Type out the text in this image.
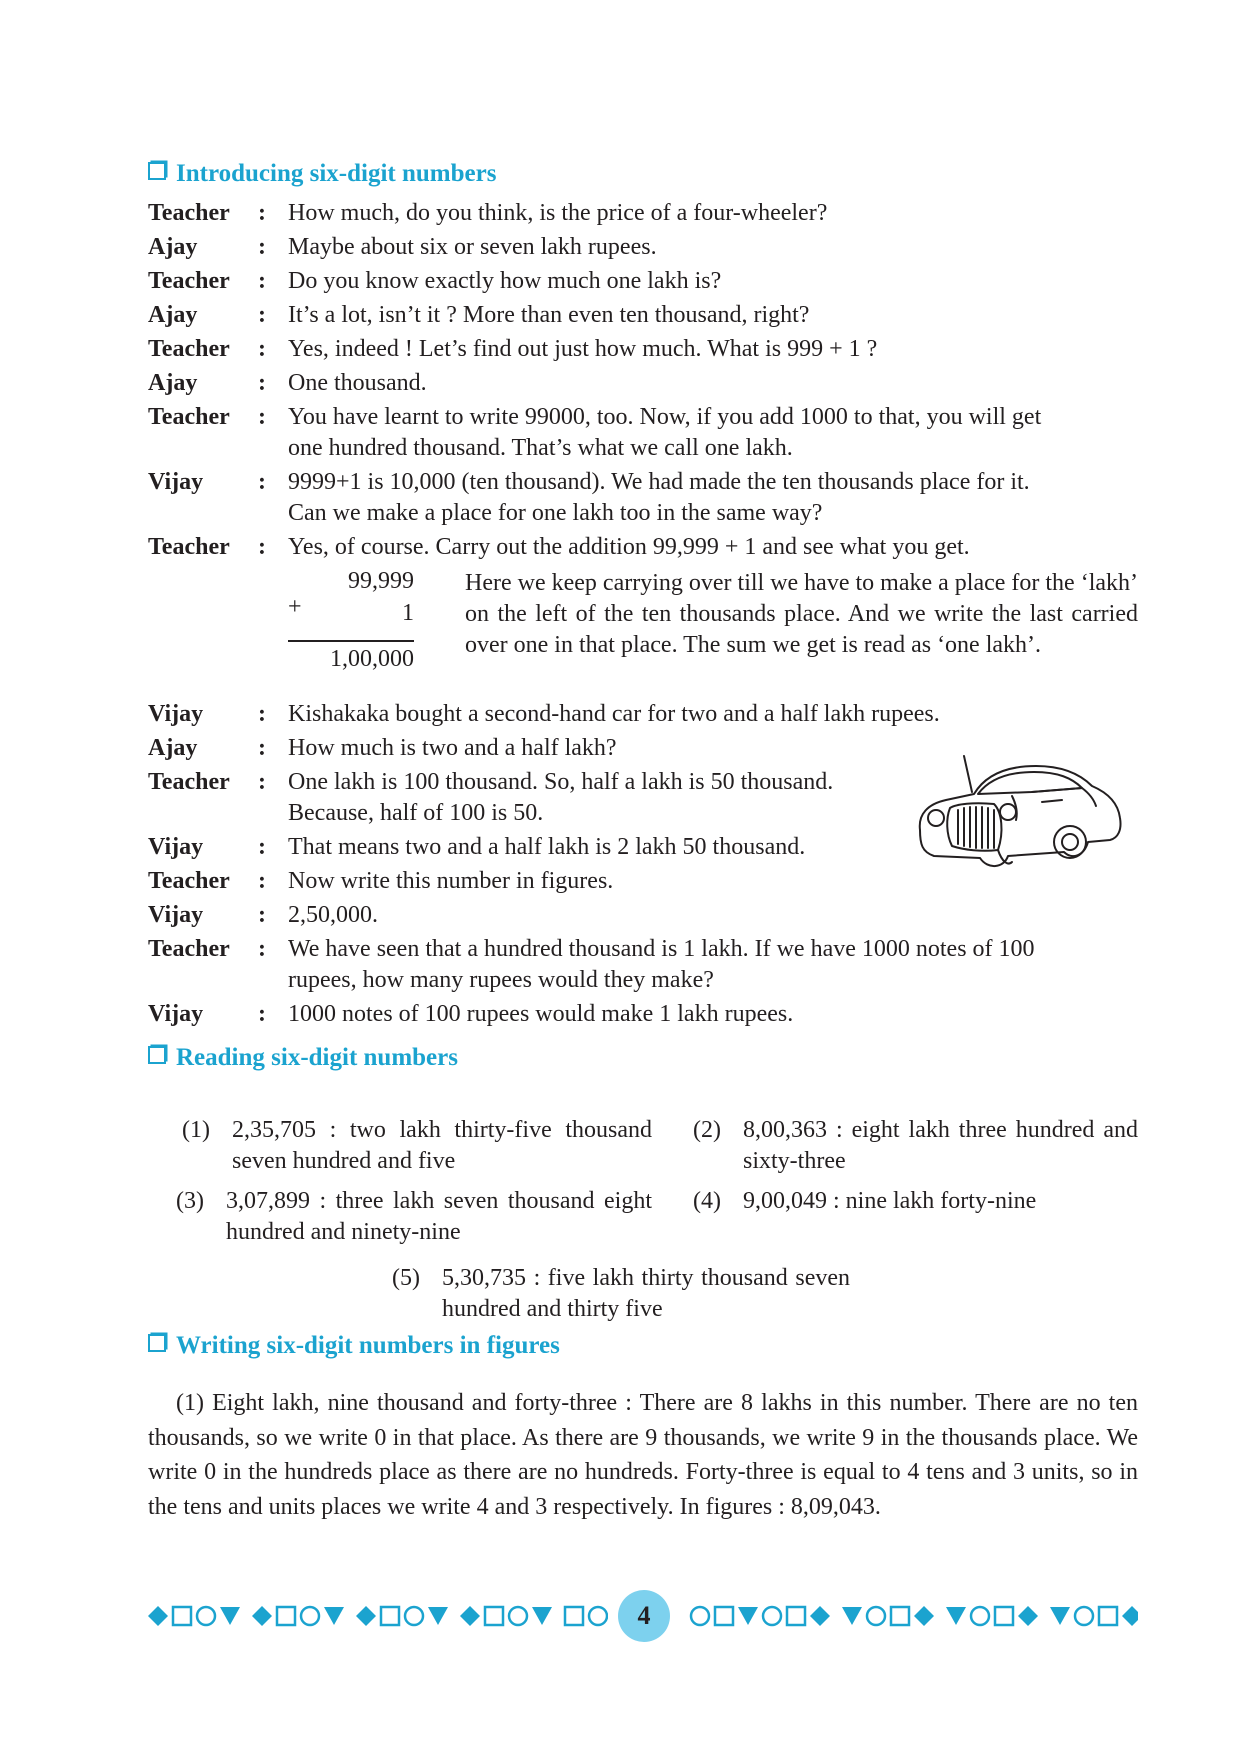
Introducing six-digit numbers
Teacher : How much, do you think, is the price of a four-wheeler?
Ajay	: Maybe about six or seven lakh rupees.
Teacher : Do you know exactly how much one lakh is?
Ajay	: It’s a lot, isn’t it ? More than even ten thousand, right?
Teacher : Yes, indeed ! Let’s find out just how much. What is 999 + 1 ?
Ajay	: One thousand.
Teacher : You have learnt to write 99000, too. Now, if you add 1000 to that, you will get
one hundred thousand. That’s what we call one lakh.
Vijay : 9999+1 is 10,000 (ten thousand). We had made the ten thousands place for it.
Can we make a place for one lakh too in the same way?
Teacher : Yes, of course. Carry out the addition 99,999 + 1 and see what you get.
99,999
+	1
1,00,000
Here we keep carrying over till we have to make a place for the ‘lakh’ on the left of the ten thousands place. And we write the last carried over one in that place. The sum we get is read as ‘one lakh’.
Vijay : Kishakaka bought a second-hand car for two and a half lakh rupees.
Ajay	: How much is two and a half lakh?
Teacher : One lakh is 100 thousand. So, half a lakh is 50 thousand.
Because, half of 100 is 50.
Vijay : That means two and a half lakh is 2 lakh 50 thousand.
Teacher : Now write this number in figures.
Vijay : 2,50,000.
Teacher : We have seen that a hundred thousand is 1 lakh. If we have 1000 notes of 100
rupees, how many rupees would they make?
Vijay : 1000 notes of 100 rupees would make 1 lakh rupees.
Reading six-digit numbers
(1) 2,35,705 : two lakh thirty-five thousand seven hundred and five
(2) 8,00,363 : eight lakh three hundred and sixty-three
(3) 3,07,899 : three lakh seven thousand eight hundred and ninety-nine
(4) 9,00,049 : nine lakh forty-nine
(5) 5,30,735 : five lakh thirty thousand seven hundred and thirty five
Writing six-digit numbers in figures
(1) Eight lakh, nine thousand and forty-three : There are 8 lakhs in this number. There are no ten thousands, so we write 0 in that place. As there are 9 thousands, we write 9 in the thousands place. We write 0 in the hundreds place as there are no hundreds. Forty-three is equal to 4 tens and 3 units, so in the tens and units places we write 4 and 3 respectively. In figures : 8,09,043.
4
